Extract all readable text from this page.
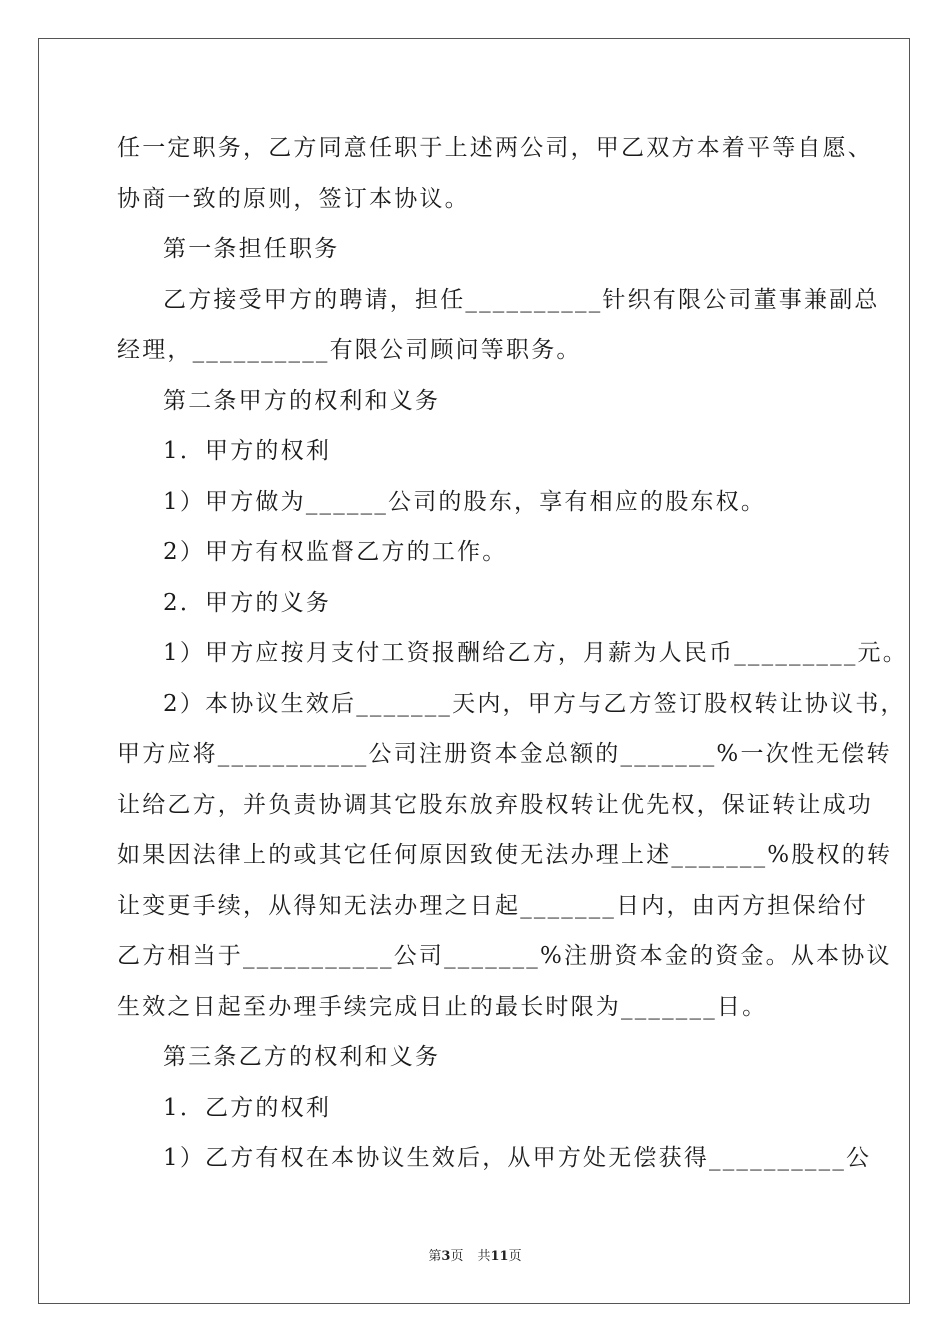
任一定职务，乙方同意任职于上述两公司，甲乙双方本着平等自愿、
协商一致的原则，签订本协议。
第一条担任职务
乙方接受甲方的聘请，担任__________针织有限公司董事兼副总
经理，__________有限公司顾问等职务。
第二条甲方的权利和义务
1．甲方的权利
1）甲方做为______公司的股东，享有相应的股东权。
2）甲方有权监督乙方的工作。
2．甲方的义务
1）甲方应按月支付工资报酬给乙方，月薪为人民币_________元。
2）本协议生效后_______天内，甲方与乙方签订股权转让协议书，
甲方应将___________公司注册资本金总额的_______%一次性无偿转
让给乙方，并负责协调其它股东放弃股权转让优先权，保证转让成功
如果因法律上的或其它任何原因致使无法办理上述_______%股权的转
让变更手续，从得知无法办理之日起_______日内，由丙方担保给付
乙方相当于___________公司_______%注册资本金的资金。从本协议
生效之日起至办理手续完成日止的最长时限为_______日。
第三条乙方的权利和义务
1．乙方的权利
1）乙方有权在本协议生效后，从甲方处无偿获得__________公
第3页 共11页
